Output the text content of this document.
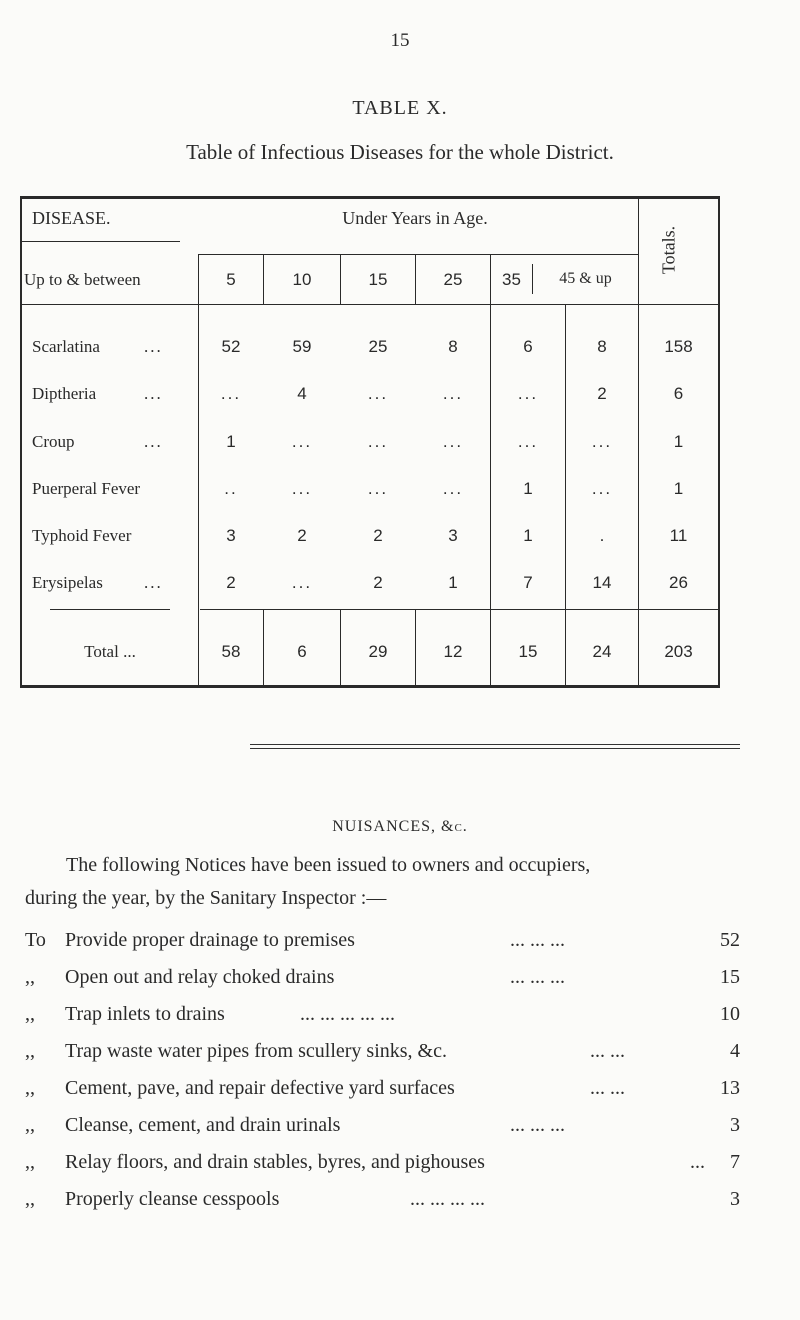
15
TABLE X.
Table of Infectious Diseases for the whole District.
DISEASE.	Under Years in Age.
Totals.
Up to & between	5	10	15	25	35	45 & up
Scarlatina	...	52	59	25	8	6	8	158
Diptheria	...	...	4	...	...	...	2	6
Croup	...	1	...	...	...	...	...	1
Puerperal Fever	..	...	...	...	1	...	1
Typhoid Fever	3	2	2	3	1	.	11
Erysipelas ...	2	...	2	1	7	14	26
Total ...	58	6	29	12	15	24	203
NUISANCES, &c.
The following Notices have been issued to owners and occupiers,
during the year, by the Sanitary Inspector :—
To Provide proper drainage to premises	... ... ...	52
,,	Open out and relay choked drains	... ... ...	15
,,	Trap inlets to drains	... ... ... ... ...	10
,,	Trap waste water pipes from scullery sinks, &c.	... ...	4
,,	Cement, pave, and repair defective yard surfaces	... ...	13
,,	Cleanse, cement, and drain urinals	... ... ...	3
,,	Relay floors, and drain stables, byres, and pighouses	... 7
,,	Properly cleanse cesspools	... ... ... ...	3
